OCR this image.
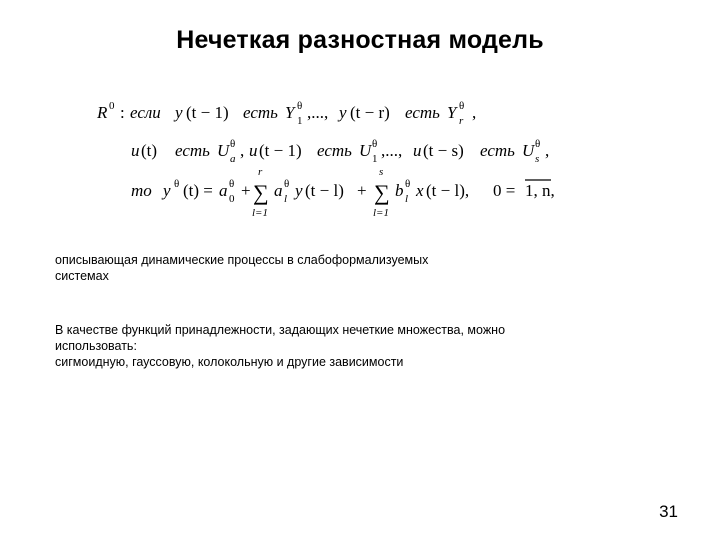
Нечеткая разностная модель
R 0 : если y (t − 1) есть Y θ
1 ,..., y (t − r) есть Y θ
r ,
u (t) есть U θ
a , u (t − 1) есть U θ
1 ,..., u (t − s) есть U θ
s ,
то y θ (t) = a θ
0 +
r
∑
l=1
a θ
l y (t − l) +
s
∑
l=1
b θ
l x (t − l), 0 = 1, n,
описывающая динамические процессы в слабоформализуемых
системах
В качестве функций принадлежности, задающих нечеткие множества, можно
использовать:
сигмоидную, гауссовую, колокольную и другие зависимости
31
